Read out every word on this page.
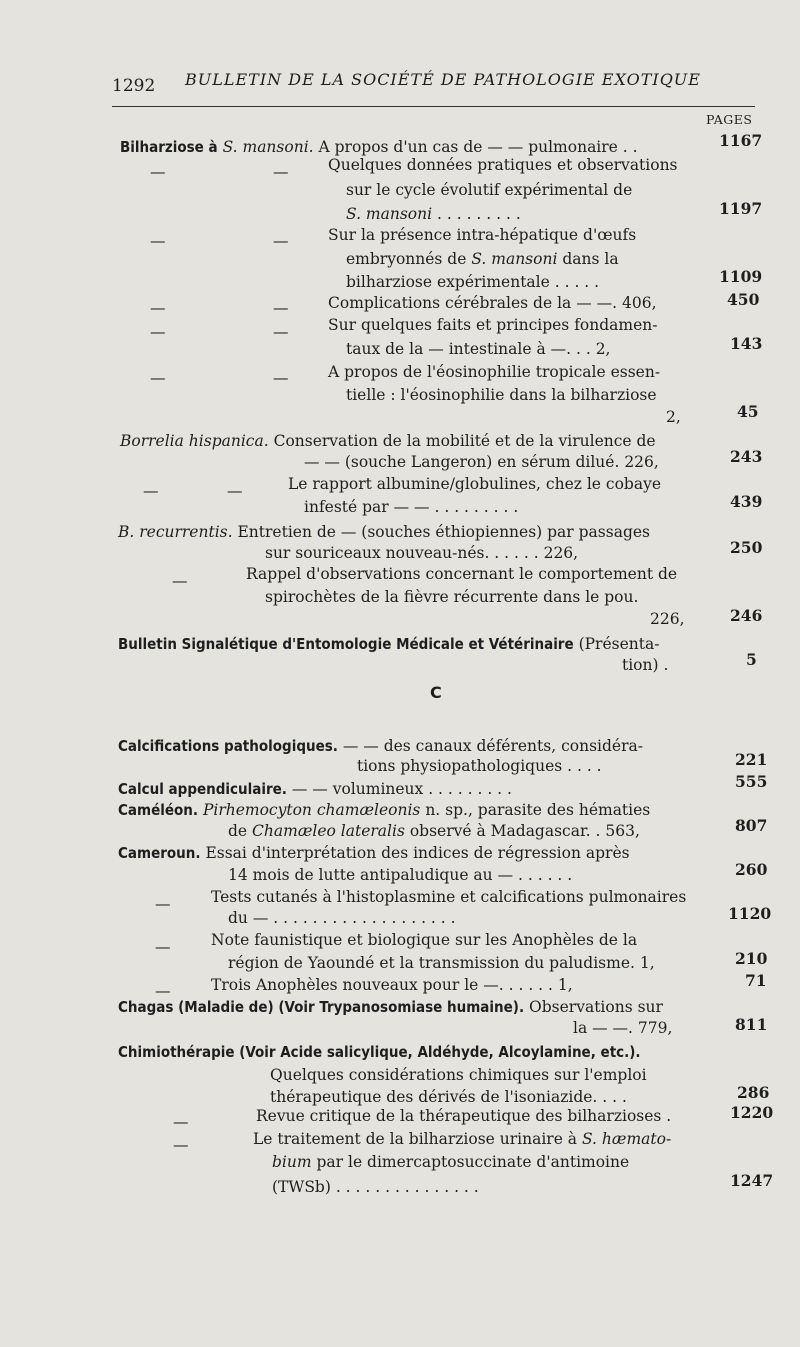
1292 BULLETIN DE LA SOCIÉTÉ DE PATHOLOGIE EXOTIQUE
PAGES
Bilharziose à S. mansoni. A propos d'un cas de — — pulmonaire . .	1167
—	—	Quelques données pratiques et observations
sur le cycle évolutif expérimental de
S. mansoni . . . . . . . . .	1197
—	—	Sur la présence intra-hépatique d'œufs
embryonnés de S. mansoni dans la
bilharziose expérimentale . . . . .	1109
—	—	Complications cérébrales de la — —. 406,	450
—	—	Sur quelques faits et principes fondamen-
taux de la — intestinale à —. . . 2,	143
—	—	A propos de l'éosinophilie tropicale essen-
tielle : l'éosinophilie dans la bilharziose
2,	45
Borrelia hispanica. Conservation de la mobilité et de la virulence de
— — (souche Langeron) en sérum dilué. 226,	243
—	—	Le rapport albumine/globulines, chez le cobaye
infesté par — — . . . . . . . . .	439
B. recurrentis. Entretien de — (souches éthiopiennes) par passages
sur souriceaux nouveau-nés. . . . . . 226,	250
—	Rappel d'observations concernant le comportement de
spirochètes de la fièvre récurrente dans le pou.
226,	246
Bulletin Signalétique d'Entomologie Médicale et Vétérinaire (Présenta-
tion) .	5
C
Calcifications pathologiques. — — des canaux déférents, considéra-
tions physiopathologiques . . . .	221
Calcul appendiculaire. — — volumineux . . . . . . . . .	555
Caméléon. Pirhemocyton chamæleonis n. sp., parasite des hématies
de Chamæleo lateralis observé à Madagascar. . 563,	807
Cameroun. Essai d'interprétation des indices de régression après
14 mois de lutte antipaludique au — . . . . . .	260
—	Tests cutanés à l'histoplasmine et calcifications pulmonaires
du — . . . . . . . . . . . . . . . . . . .	1120
—	Note faunistique et biologique sur les Anophèles de la
région de Yaoundé et la transmission du paludisme. 1,	210
—	Trois Anophèles nouveaux pour le —. . . . . . 1,	71
Chagas (Maladie de) (Voir Trypanosomiase humaine). Observations sur
la — —. 779,	811
Chimiothérapie (Voir Acide salicylique, Aldéhyde, Alcoylamine, etc.).
Quelques considérations chimiques sur l'emploi
thérapeutique des dérivés de l'isoniazide. . . .	286
—	Revue critique de la thérapeutique des bilharzioses .	1220
—	Le traitement de la bilharziose urinaire à S. hæmato-
bium par le dimercaptosuccinate d'antimoine
(TWSb) . . . . . . . . . . . . . . .	1247
